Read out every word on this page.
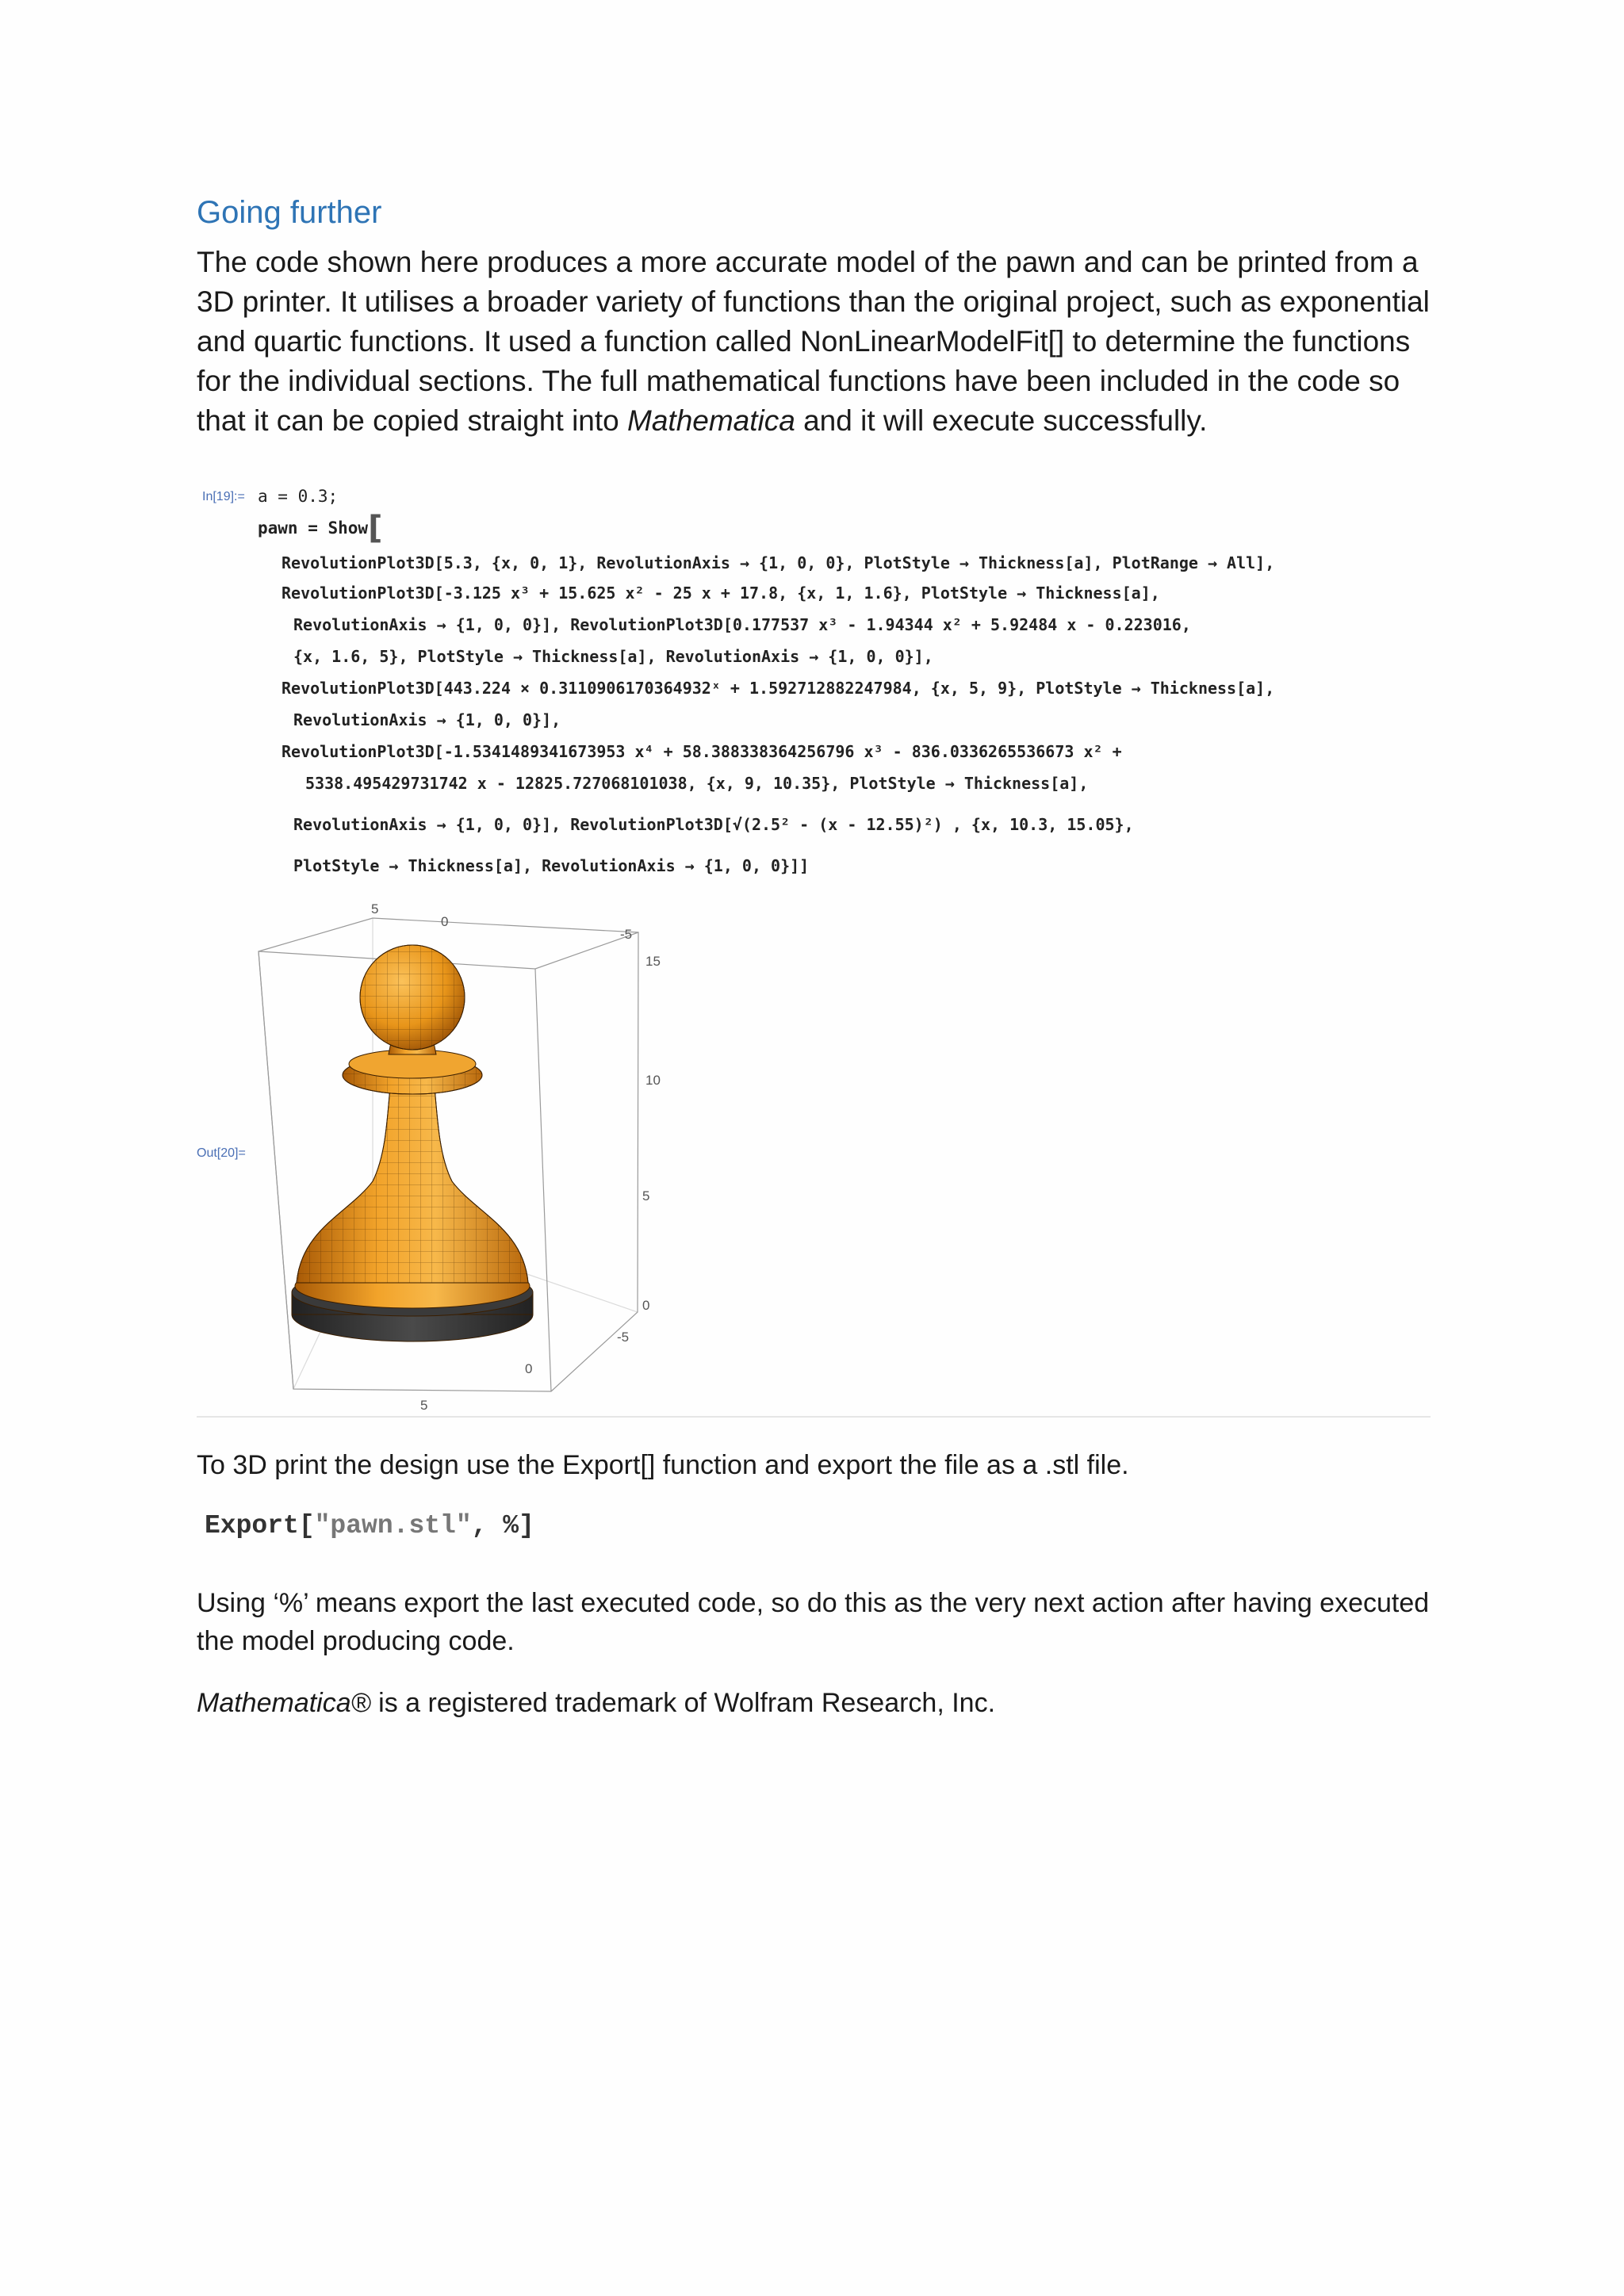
Going further

The code shown here produces a more accurate model of the pawn and can be printed from a 3D printer. It utilises a broader variety of functions than the original project, such as exponential and quartic functions. It used a function called NonLinearModelFit[] to determine the functions for the individual sections. The full mathematical functions have been included in the code so that it can be copied straight into Mathematica and it will execute successfully.

In[19]:= a = 0.3;
pawn = Show[
RevolutionPlot3D[5.3, {x, 0, 1}, RevolutionAxis → {1, 0, 0}, PlotStyle → Thickness[a], PlotRange → All],
RevolutionPlot3D[-3.125 x³ + 15.625 x² - 25 x + 17.8, {x, 1, 1.6}, PlotStyle → Thickness[a],
RevolutionAxis → {1, 0, 0}], RevolutionPlot3D[0.177537 x³ - 1.94344 x² + 5.92484 x - 0.223016,
{x, 1.6, 5}, PlotStyle → Thickness[a], RevolutionAxis → {1, 0, 0}],
RevolutionPlot3D[443.224 × 0.3110906170364932ˣ + 1.592712882247984, {x, 5, 9}, PlotStyle → Thickness[a],
RevolutionAxis → {1, 0, 0}],
RevolutionPlot3D[-1.5341489341673953 x⁴ + 58.388338364256796 x³ - 836.0336265536673 x² +
5338.495429731742 x - 12825.727068101038, {x, 9, 10.35}, PlotStyle → Thickness[a],
RevolutionAxis → {1, 0, 0}], RevolutionPlot3D[√(2.5² - (x - 12.55)²) , {x, 10.3, 15.05},
PlotStyle → Thickness[a], RevolutionAxis → {1, 0, 0}]]
Out[20]=
5
0
-5
15
10
5
0
-5
0
5

To 3D print the design use the Export[] function and export the file as a .stl file.

Export["pawn.stl", %]

Using ‘%’ means export the last executed code, so do this as the very next action after having executed the model producing code.

Mathematica® is a registered trademark of Wolfram Research, Inc.
